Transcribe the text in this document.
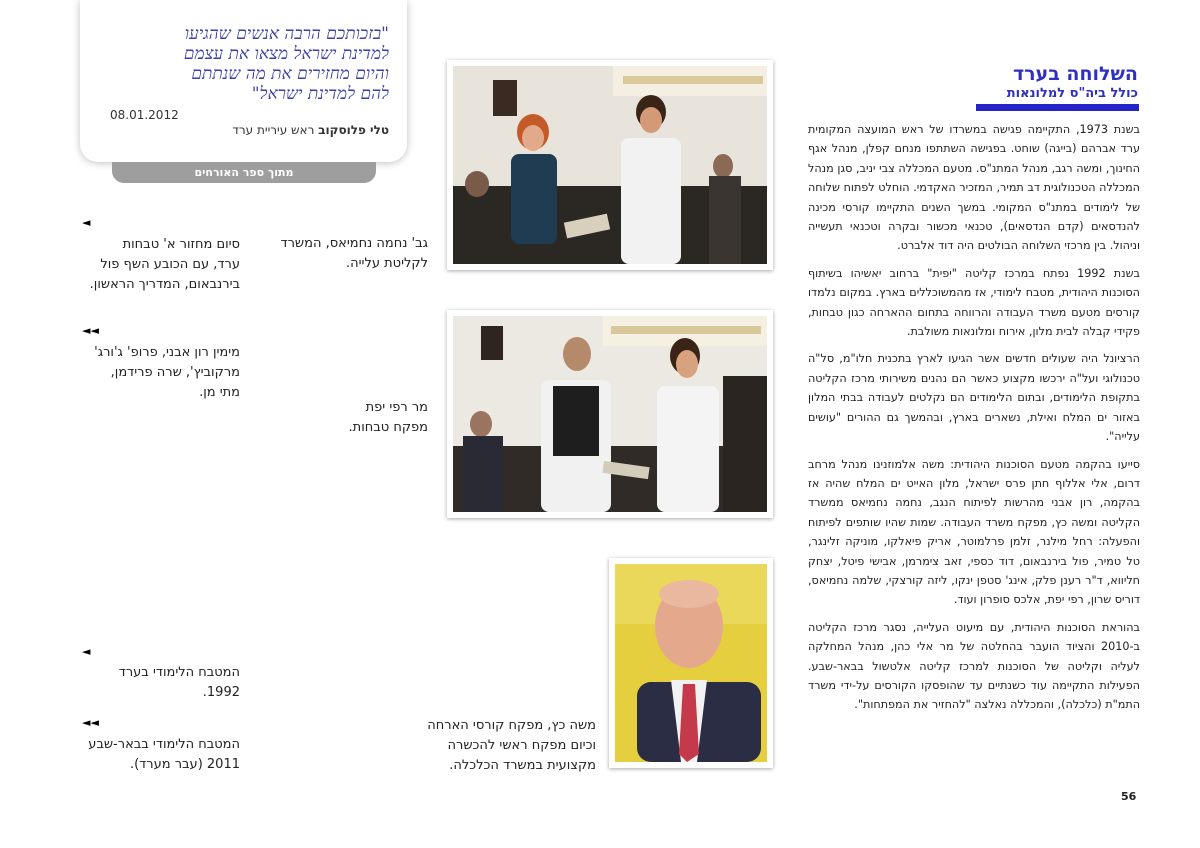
"בזכותכם הרבה אנשים שהגיעו
למדינת ישראל מצאו את עצמם
והיום מחזירים את מה שנתתם
להם למדינת ישראל"
08.01.2012
טלי פלוסקוב ראש עיריית ערד
מתוך ספר האורחים
גב' נחמה נחמיאס, המשרד
לקליטת עלייה.
מר רפי יפת
מפקח טבחות.
משה כץ, מפקח קורסי הארחה
וכיום מפקח ראשי להכשרה
מקצועית במשרד הכלכלה.
◄
סיום מחזור א' טבחות
ערד, עם הכובע השף פול
בירנבאום, המדריך הראשון.
◄◄
מימין רון אבני, פרופ' ג'ורג'
מרקוביץ', שרה פרידמן,
מתי מן.
◄
המטבח הלימודי בערד 1992.
◄◄
המטבח הלימודי בבאר-שבע
2011 (עבר מערד).
השלוחה בערד
כולל ביה"ס למלונאות

בשנת 1973, התקיימה פגישה במשרדו של ראש המועצה המקומית ערד אברהם (בייגה) שוחט. בפגישה השתתפו מנחם קפלן, מנהל אגף החינוך, ומשה רגב, מנהל המתנ"ס. מטעם המכללה צבי יניב, סגן מנהל המכללה הטכנולוגית דב תמיר, המזכיר האקדמי. הוחלט לפתוח שלוחה של לימודים במתנ"ס המקומי. במשך השנים התקיימו קורסי מכינה להנדסאים (קדם הנדסאים), טכנאי מכשור ובקרה וטכנאי תעשייה וניהול. בין מרכזי השלוחה הבולטים היה דוד אלברט.

בשנת 1992 נפתח במרכז קליטה "יפית" ברחוב יאשיהו בשיתוף הסוכנות היהודית, מטבח לימודי, אז מהמשוכללים בארץ. במקום נלמדו קורסים מטעם משרד העבודה והרווחה בתחום ההארחה כגון טבחות, פקידי קבלה לבית מלון, אירוח ומלונאות משולבת.

הרציונל היה שעולים חדשים אשר הגיעו לארץ בתכנית חלו"מ, סל"ה טכנולוגי ועל"ה ירכשו מקצוע כאשר הם נהנים משירותי מרכז הקליטה בתקופת הלימודים, ובתום הלימודים הם נקלטים לעבודה בבתי המלון באזור ים המלח ואילת, נשארים בארץ, ובהמשך גם ההורים "עושים עלייה".

סייעו בהקמה מטעם הסוכנות היהודית: משה אלמוזנינו מנהל מרחב דרום, אלי אללוף חתן פרס ישראל, מלון האייט ים המלח שהיה אז בהקמה, רון אבני מהרשות לפיתוח הנגב, נחמה נחמיאס ממשרד הקליטה ומשה כץ, מפקח משרד העבודה. שמות שהיו שותפים לפיתוח והפעלה: רחל מילנר, זלמן פרלמוטר, אריק פיאלקו, מוניקה זלינגר, טל טמיר, פול בירנבאום, דוד כספי, זאב צימרמן, אבישי פיטל, יצחק חליווא, ד"ר רענן פלק, אינג' סטפן ינקו, ליזה קורצקי, שלמה נחמיאס, דוריס שרון, רפי יפת, אלכס סופרון ועוד.

בהוראת הסוכנות היהודית, עם מיעוט העלייה, נסגר מרכז הקליטה ב-2010 והציוד הועבר בהחלטה של מר אלי כהן, מנהל המחלקה לעליה וקליטה של הסוכנות למרכז קליטה אלטשול בבאר-שבע. הפעילות התקיימה עוד כשנתיים עד שהופסקו הקורסים על-ידי משרד התמ"ת (כלכלה), והמכללה נאלצה "להחזיר את המפתחות".

56
